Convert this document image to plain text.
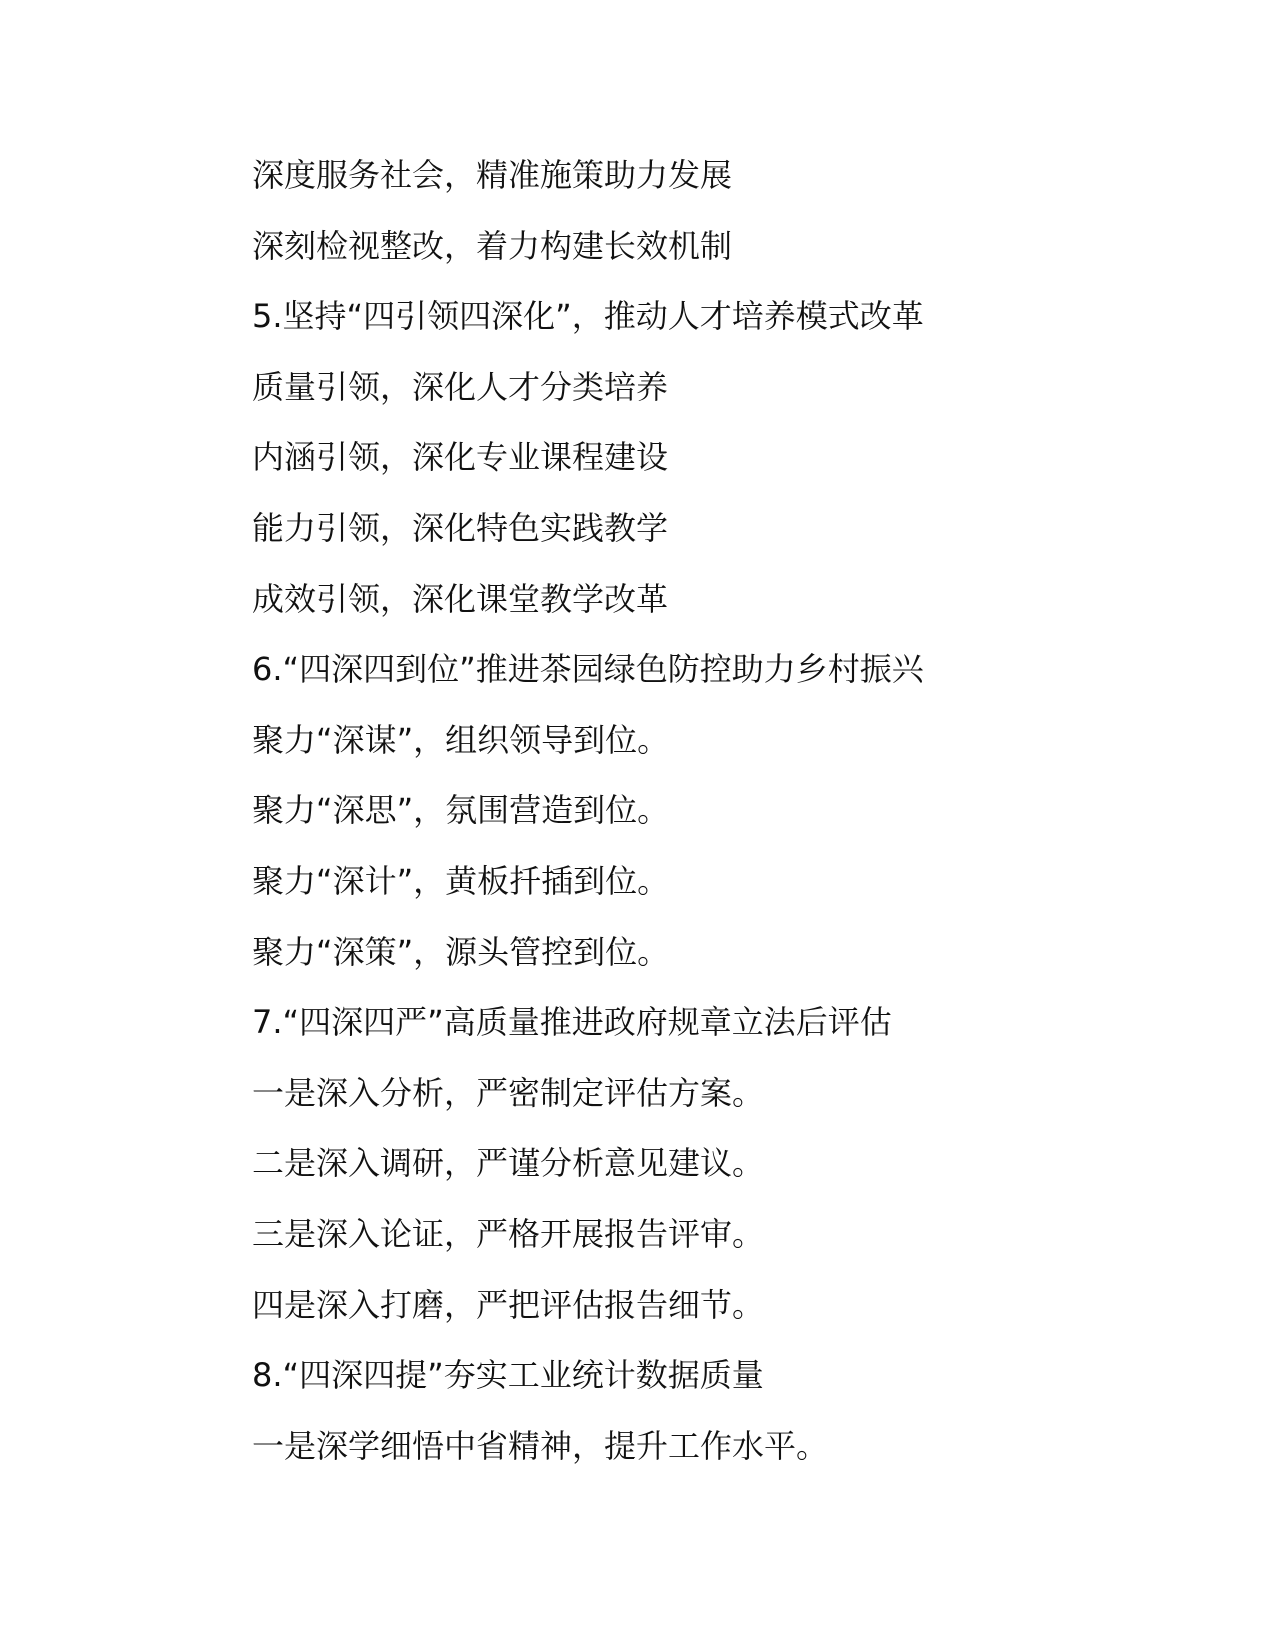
深度服务社会，精准施策助力发展
深刻检视整改，着力构建长效机制
5.坚持“四引领四深化”，推动人才培养模式改革
质量引领，深化人才分类培养
内涵引领，深化专业课程建设
能力引领，深化特色实践教学
成效引领，深化课堂教学改革
6.“四深四到位”推进茶园绿色防控助力乡村振兴
聚力“深谋”，组织领导到位。
聚力“深思”，氛围营造到位。
聚力“深计”，黄板扦插到位。
聚力“深策”，源头管控到位。
7.“四深四严”高质量推进政府规章立法后评估
一是深入分析，严密制定评估方案。
二是深入调研，严谨分析意见建议。
三是深入论证，严格开展报告评审。
四是深入打磨，严把评估报告细节。
8.“四深四提”夯实工业统计数据质量
一是深学细悟中省精神，提升工作水平。
